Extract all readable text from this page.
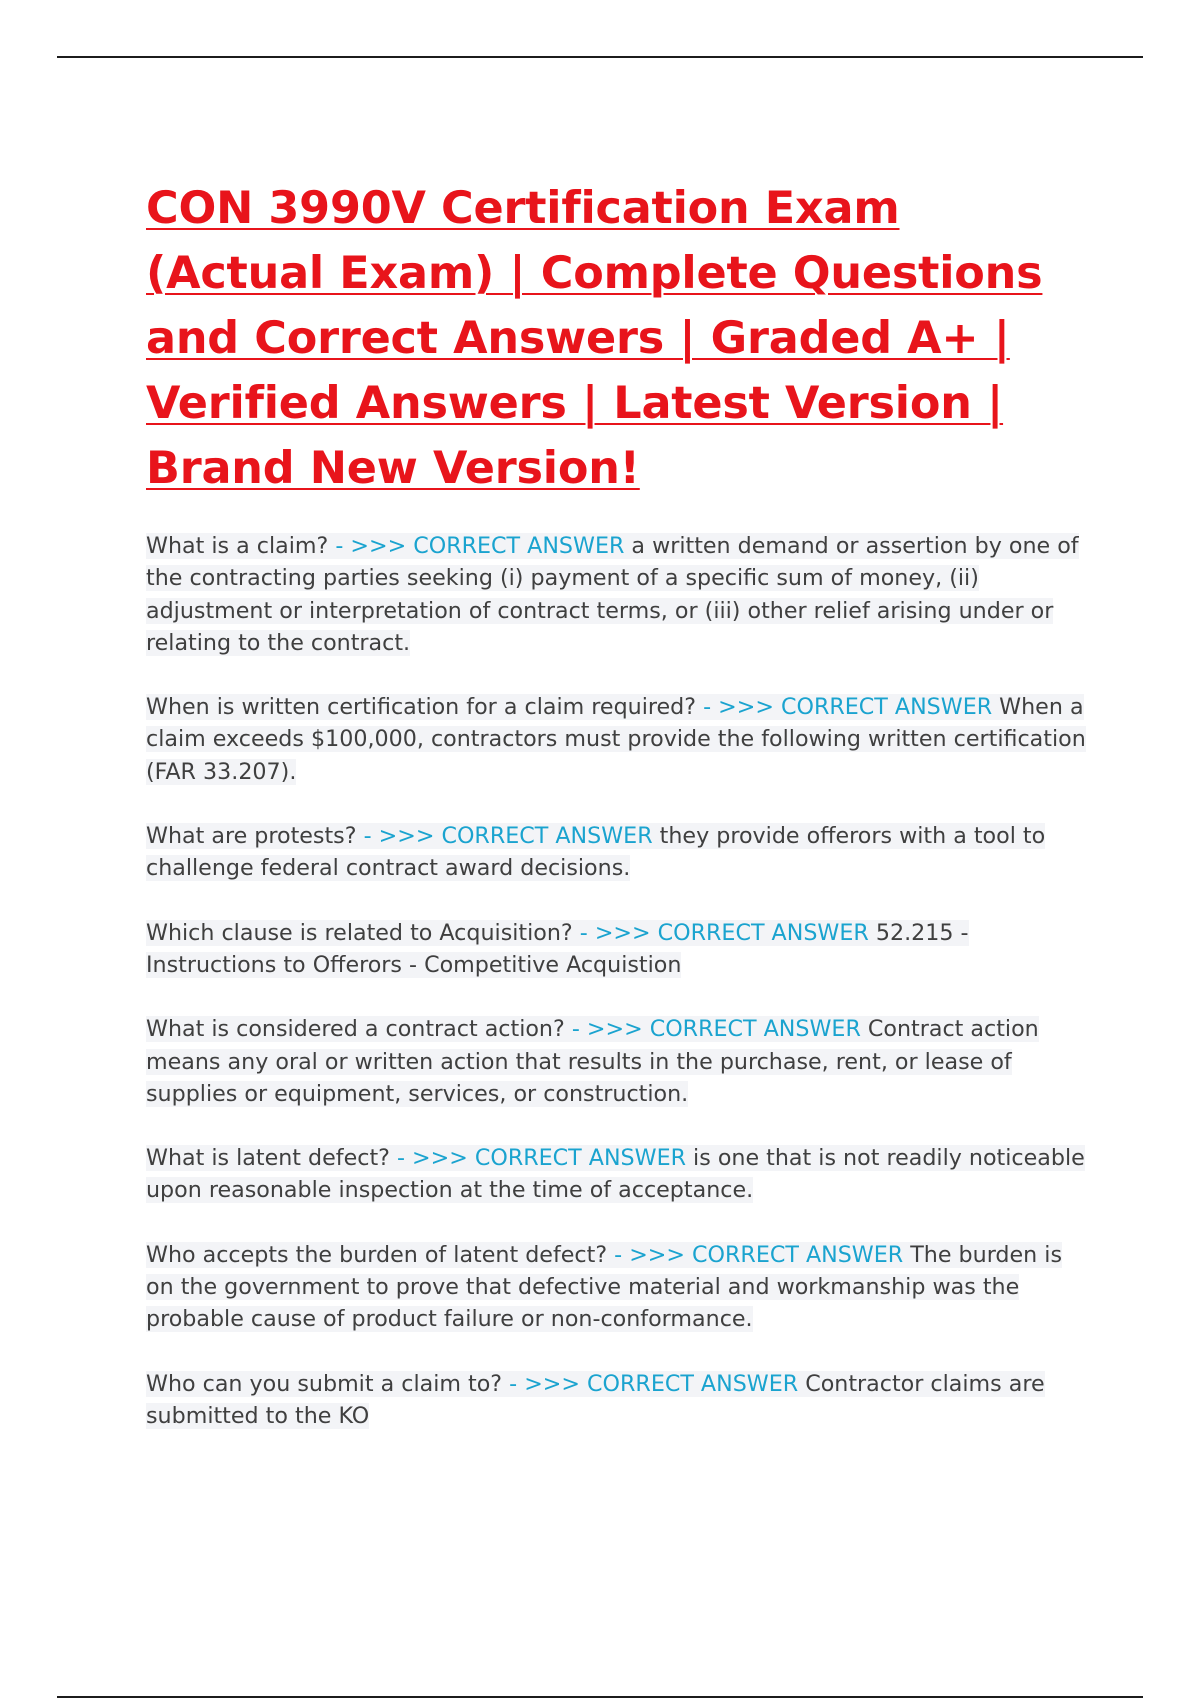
CON 3990V Certification Exam (Actual Exam) | Complete Questions and Correct Answers | Graded A+ | Verified Answers | Latest Version | Brand New Version!

What is a claim? - >>> CORRECT ANSWER a written demand or assertion by one of the contracting parties seeking (i) payment of a specific sum of money, (ii) adjustment or interpretation of contract terms, or (iii) other relief arising under or relating to the contract.

When is written certification for a claim required? - >>> CORRECT ANSWER When a claim exceeds $100,000, contractors must provide the following written certification (FAR 33.207).

What are protests? - >>> CORRECT ANSWER they provide offerors with a tool to challenge federal contract award decisions.

Which clause is related to Acquisition? - >>> CORRECT ANSWER 52.215 - Instructions to Offerors - Competitive Acquistion

What is considered a contract action? - >>> CORRECT ANSWER Contract action means any oral or written action that results in the purchase, rent, or lease of supplies or equipment, services, or construction.

What is latent defect? - >>> CORRECT ANSWER is one that is not readily noticeable upon reasonable inspection at the time of acceptance.

Who accepts the burden of latent defect? - >>> CORRECT ANSWER The burden is on the government to prove that defective material and workmanship was the probable cause of product failure or non-conformance.

Who can you submit a claim to? - >>> CORRECT ANSWER Contractor claims are submitted to the KO
